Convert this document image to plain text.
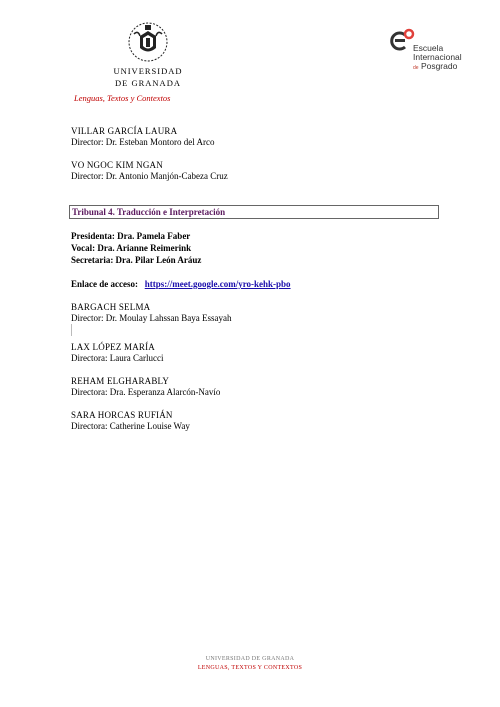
UNIVERSIDAD
DE GRANADA
Lenguas, Textos y Contextos
Escuela
Internacional
de Posgrado
VILLAR GARCÍA LAURA
Director: Dr. Esteban Montoro del Arco
VO NGOC KIM NGAN
Director: Dr. Antonio Manjón-Cabeza Cruz
Tribunal 4. Traducción e Interpretación
Presidenta: Dra. Pamela Faber
Vocal: Dra. Arianne Reimerink
Secretaria: Dra. Pilar León Aráuz
Enlace de acceso: https://meet.google.com/yro-kehk-pbo
BARGACH SELMA
Director: Dr. Moulay Lahssan Baya Essayah
LAX LÓPEZ MARÍA
Directora: Laura Carlucci
REHAM ELGHARABLY
Directora: Dra. Esperanza Alarcón-Navío
SARA HORCAS RUFIÁN
Directora: Catherine Louise Way
UNIVERSIDAD DE GRANADA
LENGUAS, TEXTOS Y CONTEXTOS
